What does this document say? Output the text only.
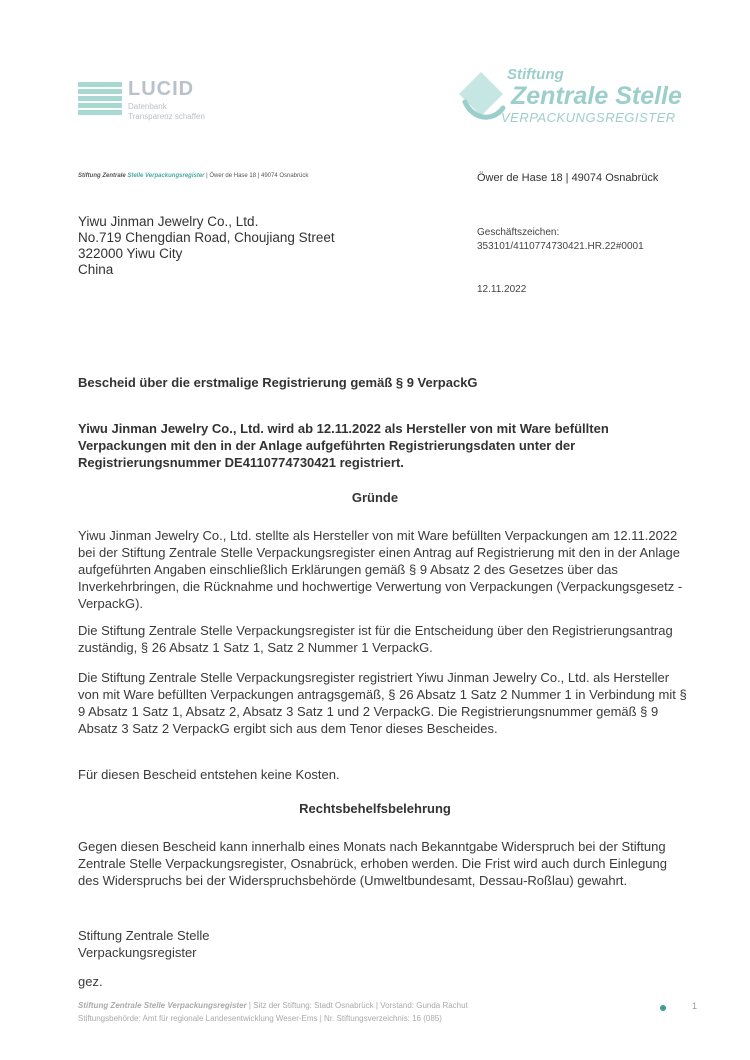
LUCID
Datenbank
Transparenz schaffen
Stiftung
Zentrale Stelle
VERPACKUNGSREGISTER
Stiftung Zentrale Stelle Verpackungsregister | Öwer de Hase 18 | 49074 Osnabrück	Öwer de Hase 18 | 49074 Osnabrück
Yiwu Jinman Jewelry Co., Ltd.
No.719 Chengdian Road, Choujiang Street
322000 Yiwu City
China
Geschäftszeichen:
353101/4110774730421.HR.22#0001
12.11.2022
Bescheid über die erstmalige Registrierung gemäß § 9 VerpackG
Yiwu Jinman Jewelry Co., Ltd. wird ab 12.11.2022 als Hersteller von mit Ware befüllten Verpackungen mit den in der Anlage aufgeführten Registrierungsdaten unter der Registrierungsnummer DE4110774730421 registriert.
Gründe
Yiwu Jinman Jewelry Co., Ltd. stellte als Hersteller von mit Ware befüllten Verpackungen am 12.11.2022 bei der Stiftung Zentrale Stelle Verpackungsregister einen Antrag auf Registrierung mit den in der Anlage aufgeführten Angaben einschließlich Erklärungen gemäß § 9 Absatz 2 des Gesetzes über das Inverkehrbringen, die Rücknahme und hochwertige Verwertung von Verpackungen (Verpackungsgesetz - VerpackG).
Die Stiftung Zentrale Stelle Verpackungsregister ist für die Entscheidung über den Registrierungsantrag zuständig, § 26 Absatz 1 Satz 1, Satz 2 Nummer 1 VerpackG.
Die Stiftung Zentrale Stelle Verpackungsregister registriert Yiwu Jinman Jewelry Co., Ltd. als Hersteller von mit Ware befüllten Verpackungen antragsgemäß, § 26 Absatz 1 Satz 2 Nummer 1 in Verbindung mit § 9 Absatz 1 Satz 1, Absatz 2, Absatz 3 Satz 1 und 2 VerpackG. Die Registrierungsnummer gemäß § 9 Absatz 3 Satz 2 VerpackG ergibt sich aus dem Tenor dieses Bescheides.
Für diesen Bescheid entstehen keine Kosten.
Rechtsbehelfsbelehrung
Gegen diesen Bescheid kann innerhalb eines Monats nach Bekanntgabe Widerspruch bei der Stiftung Zentrale Stelle Verpackungsregister, Osnabrück, erhoben werden. Die Frist wird auch durch Einlegung des Widerspruchs bei der Widerspruchsbehörde (Umweltbundesamt, Dessau-Roßlau) gewahrt.
Stiftung Zentrale Stelle
Verpackungsregister
gez.
Stiftung Zentrale Stelle Verpackungsregister | Sitz der Stiftung: Stadt Osnabrück | Vorstand: Gunda Rachut
Stiftungsbehörde: Amt für regionale Landesentwicklung Weser-Ems | Nr. Stiftungsverzeichnis: 16 (085)
1
